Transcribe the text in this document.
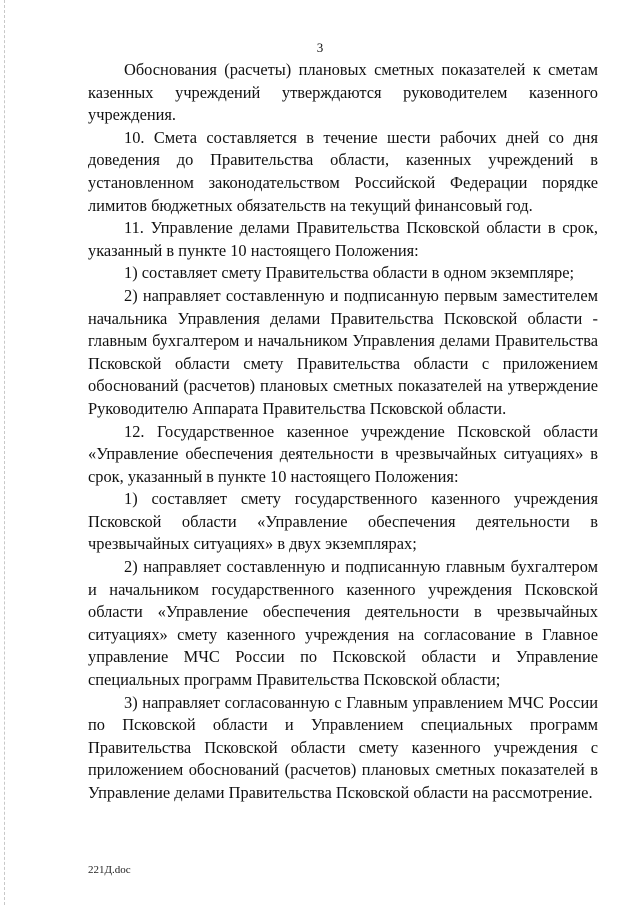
3

Обоснования (расчеты) плановых сметных показателей к сметам казенных учреждений утверждаются руководителем казенного учреждения.

10. Смета составляется в течение шести рабочих дней со дня доведения до Правительства области, казенных учреждений в установленном законодательством Российской Федерации порядке лимитов бюджетных обязательств на текущий финансовый год.

11. Управление делами Правительства Псковской области в срок, указанный в пункте 10 настоящего Положения:

1) составляет смету Правительства области в одном экземпляре;

2) направляет составленную и подписанную первым заместителем начальника Управления делами Правительства Псковской области - главным бухгалтером и начальником Управления делами Правительства Псковской области смету Правительства области с приложением обоснований (расчетов) плановых сметных показателей на утверждение Руководителю Аппарата Правительства Псковской области.

12. Государственное казенное учреждение Псковской области «Управление обеспечения деятельности в чрезвычайных ситуациях» в срок, указанный в пункте 10 настоящего Положения:

1) составляет смету государственного казенного учреждения Псковской области «Управление обеспечения деятельности в чрезвычайных ситуациях» в двух экземплярах;

2) направляет составленную и подписанную главным бухгалтером и начальником государственного казенного учреждения Псковской области «Управление обеспечения деятельности в чрезвычайных ситуациях» смету казенного учреждения на согласование в Главное управление МЧС России по Псковской области и Управление специальных программ Правительства Псковской области;

3) направляет согласованную с Главным управлением МЧС России по Псковской области и Управлением специальных программ Правительства Псковской области смету казенного учреждения с приложением обоснований (расчетов) плановых сметных показателей в Управление делами Правительства Псковской области на рассмотрение.

221Д.doc
